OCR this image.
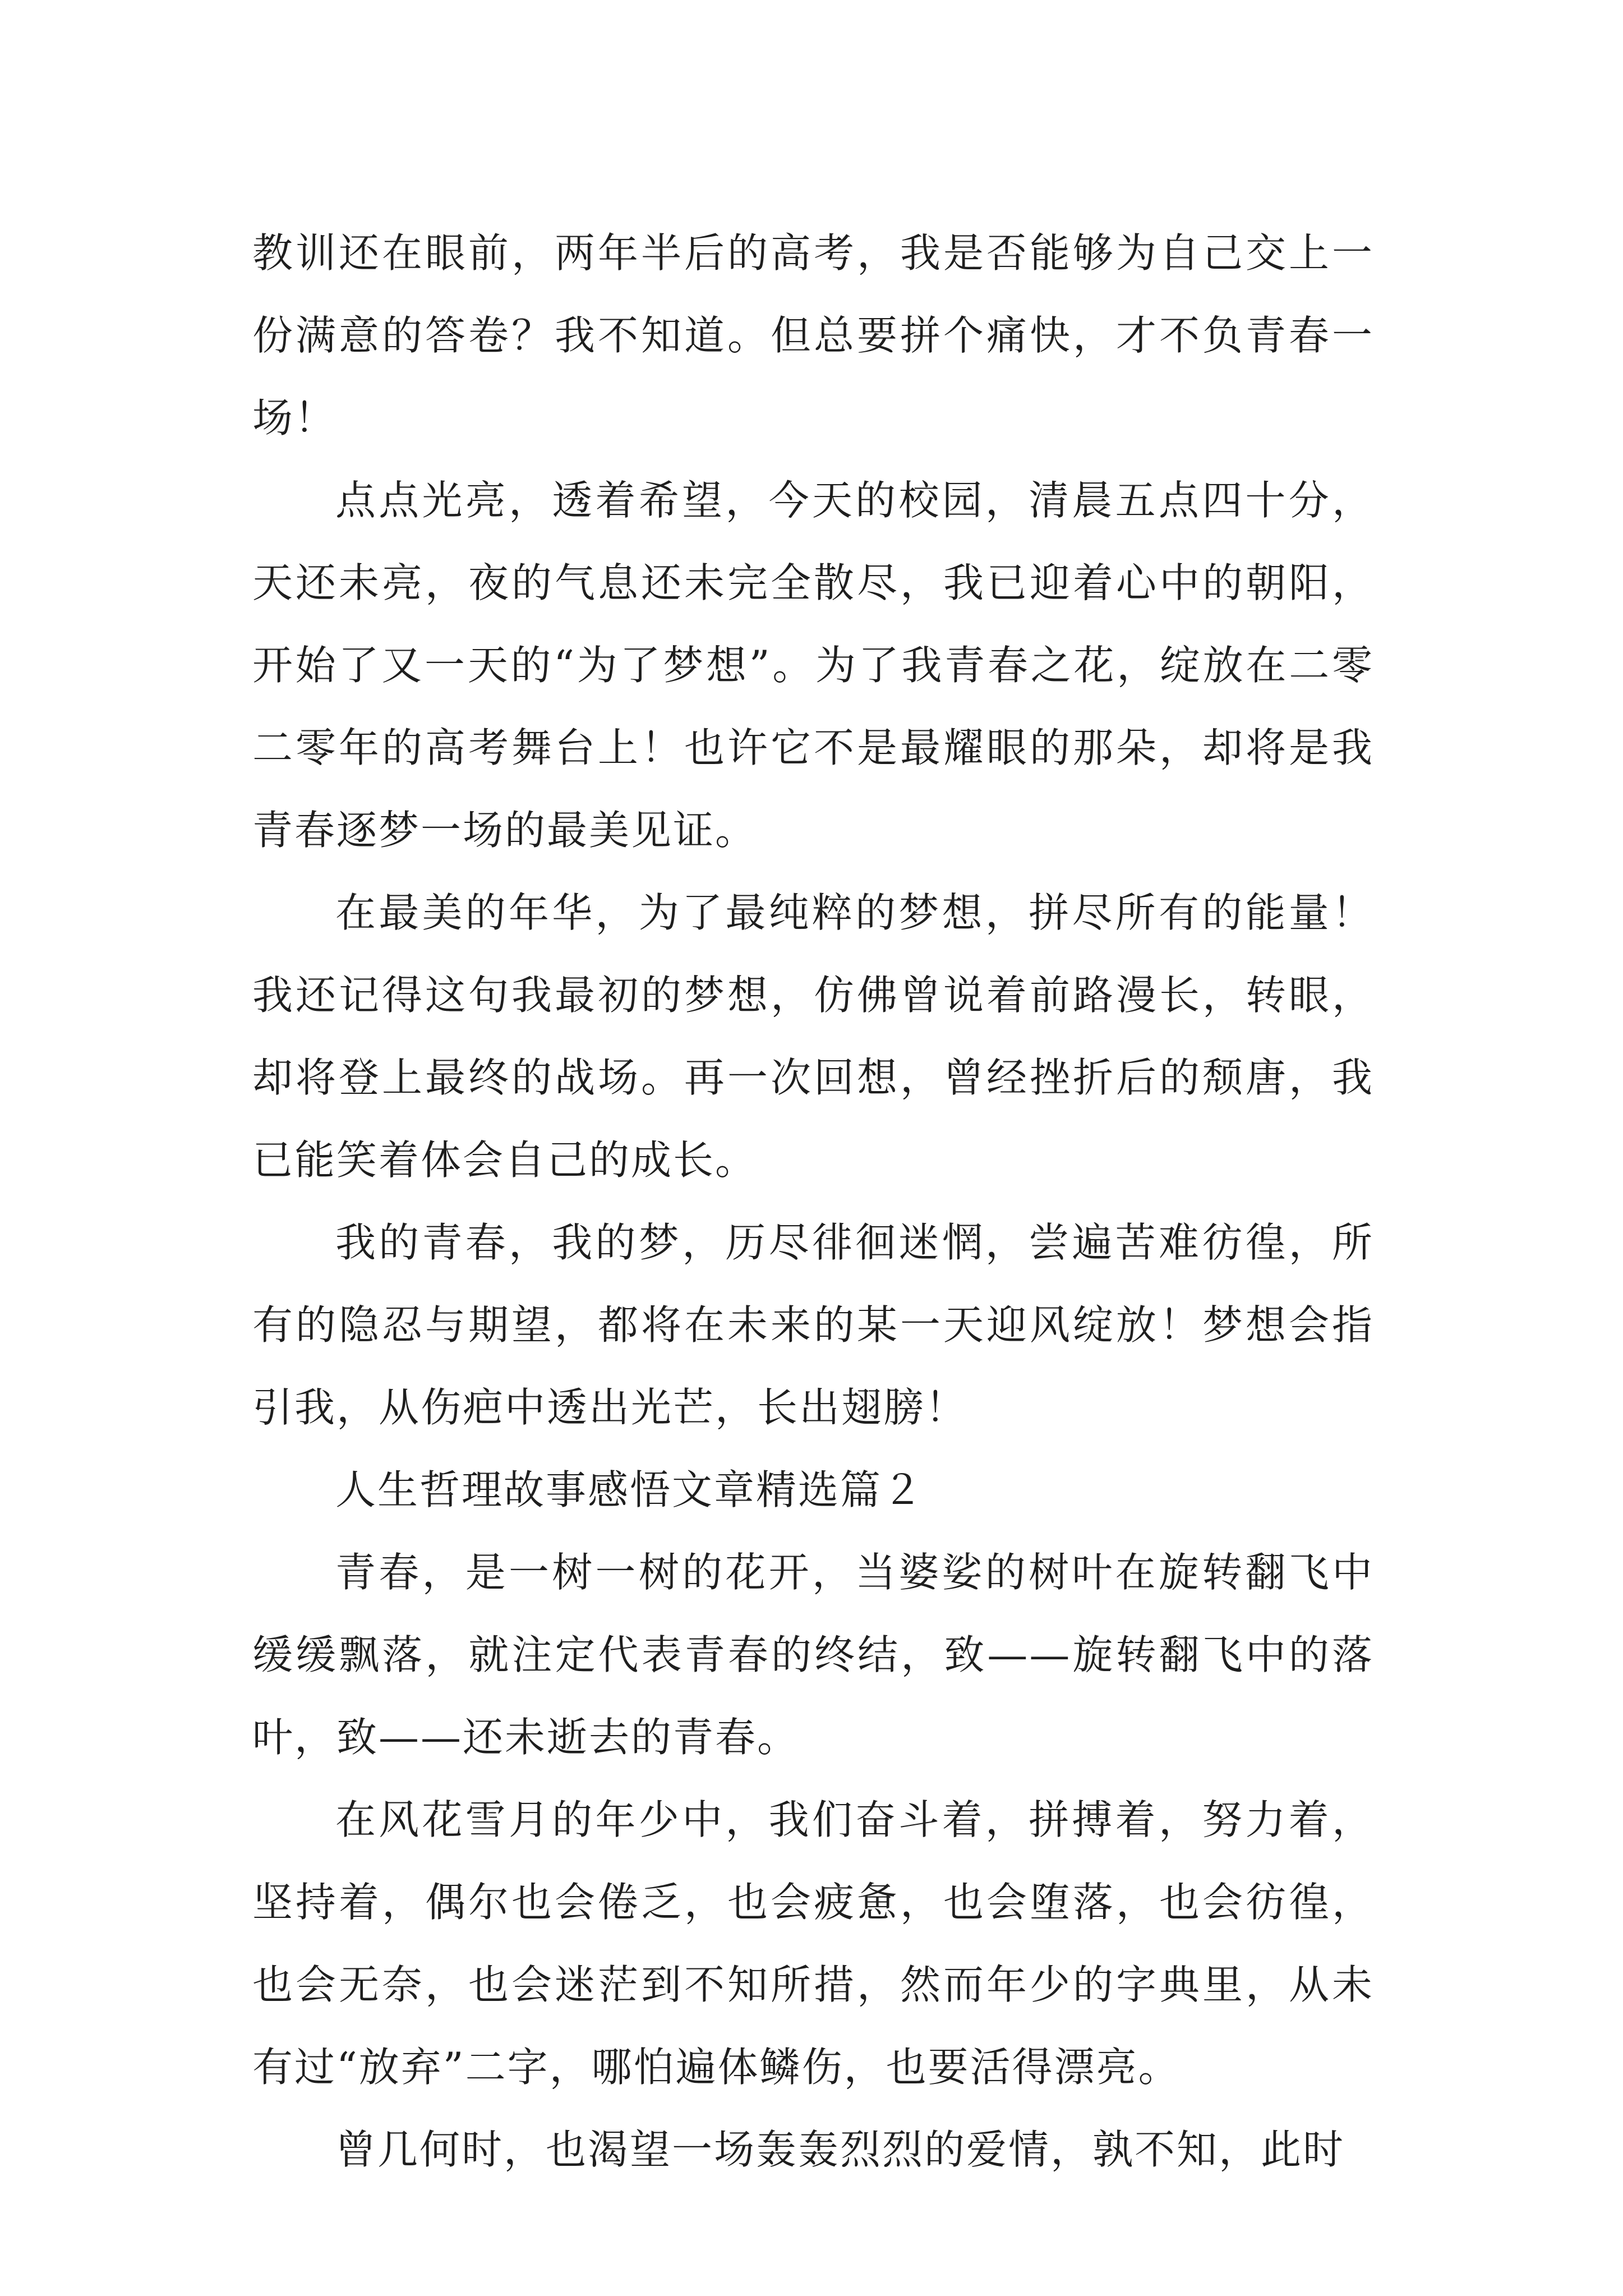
教训还在眼前，两年半后的高考，我是否能够为自己交上一份满意的答卷？我不知道。但总要拼个痛快，才不负青春一场！

点点光亮，透着希望，今天的校园，清晨五点四十分，天还未亮，夜的气息还未完全散尽，我已迎着心中的朝阳，开始了又一天的“为了梦想”。为了我青春之花，绽放在二零二零年的高考舞台上！也许它不是最耀眼的那朵，却将是我青春逐梦一场的最美见证。

在最美的年华，为了最纯粹的梦想，拼尽所有的能量！我还记得这句我最初的梦想，仿佛曾说着前路漫长，转眼，却将登上最终的战场。再一次回想，曾经挫折后的颓唐，我已能笑着体会自己的成长。

我的青春，我的梦，历尽徘徊迷惘，尝遍苦难彷徨，所有的隐忍与期望，都将在未来的某一天迎风绽放！梦想会指引我，从伤疤中透出光芒，长出翅膀！

人生哲理故事感悟文章精选篇２

青春，是一树一树的花开，当婆娑的树叶在旋转翻飞中缓缓飘落，就注定代表青春的终结，致——旋转翻飞中的落叶，致——还未逝去的青春。

在风花雪月的年少中，我们奋斗着，拼搏着，努力着，坚持着，偶尔也会倦乏，也会疲惫，也会堕落，也会彷徨，也会无奈，也会迷茫到不知所措，然而年少的字典里，从未有过“放弃”二字，哪怕遍体鳞伤，也要活得漂亮。

曾几何时，也渴望一场轰轰烈烈的爱情，孰不知，此时
